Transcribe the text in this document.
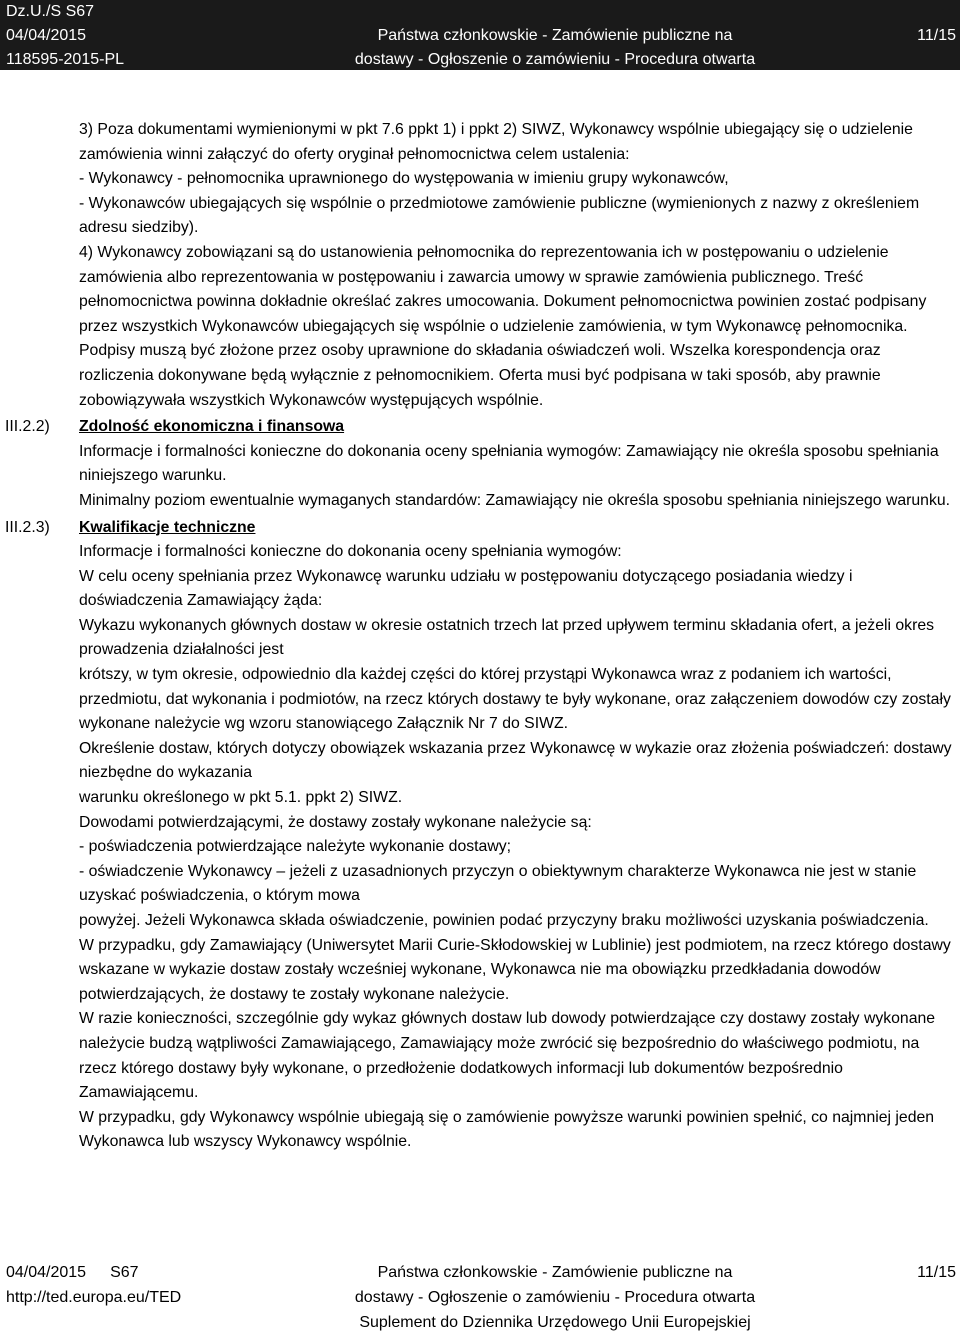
Dz.U./S S67
04/04/2015
118595-2015-PL
Państwa członkowskie - Zamówienie publiczne na
dostawy - Ogłoszenie o zamówieniu - Procedura otwarta
11/15

3) Poza dokumentami wymienionymi w pkt 7.6 ppkt 1) i ppkt 2) SIWZ, Wykonawcy wspólnie ubiegający się o udzielenie zamówienia winni załączyć do oferty oryginał pełnomocnictwa celem ustalenia:

- Wykonawcy - pełnomocnika uprawnionego do występowania w imieniu grupy wykonawców,

- Wykonawców ubiegających się wspólnie o przedmiotowe zamówienie publiczne (wymienionych z nazwy z określeniem adresu siedziby).

4) Wykonawcy zobowiązani są do ustanowienia pełnomocnika do reprezentowania ich w postępowaniu o udzielenie zamówienia albo reprezentowania w postępowaniu i zawarcia umowy w sprawie zamówienia publicznego. Treść pełnomocnictwa powinna dokładnie określać zakres umocowania. Dokument pełnomocnictwa powinien zostać podpisany przez wszystkich Wykonawców ubiegających się wspólnie o udzielenie zamówienia, w tym Wykonawcę pełnomocnika. Podpisy muszą być złożone przez osoby uprawnione do składania oświadczeń woli. Wszelka korespondencja oraz rozliczenia dokonywane będą wyłącznie z pełnomocnikiem. Oferta musi być podpisana w taki sposób, aby prawnie zobowiązywała wszystkich Wykonawców występujących wspólnie.

III.2.2) Zdolność ekonomiczna i finansowa

Informacje i formalności konieczne do dokonania oceny spełniania wymogów: Zamawiający nie określa sposobu spełniania niniejszego warunku.

Minimalny poziom ewentualnie wymaganych standardów: Zamawiający nie określa sposobu spełniania niniejszego warunku.

III.2.3) Kwalifikacje techniczne

Informacje i formalności konieczne do dokonania oceny spełniania wymogów:

W celu oceny spełniania przez Wykonawcę warunku udziału w postępowaniu dotyczącego posiadania wiedzy i doświadczenia Zamawiający żąda:

Wykazu wykonanych głównych dostaw w okresie ostatnich trzech lat przed upływem terminu składania ofert, a jeżeli okres prowadzenia działalności jest

krótszy, w tym okresie, odpowiednio dla każdej części do której przystąpi Wykonawca wraz z podaniem ich wartości, przedmiotu, dat wykonania i podmiotów, na rzecz których dostawy te były wykonane, oraz załączeniem dowodów czy zostały wykonane należycie wg wzoru stanowiącego Załącznik Nr 7 do SIWZ.

Określenie dostaw, których dotyczy obowiązek wskazania przez Wykonawcę w wykazie oraz złożenia poświadczeń: dostawy niezbędne do wykazania

warunku określonego w pkt 5.1. ppkt 2) SIWZ.

Dowodami potwierdzającymi, że dostawy zostały wykonane należycie są:

- poświadczenia potwierdzające należyte wykonanie dostawy;

- oświadczenie Wykonawcy – jeżeli z uzasadnionych przyczyn o obiektywnym charakterze Wykonawca nie jest w stanie uzyskać poświadczenia, o którym mowa

powyżej. Jeżeli Wykonawca składa oświadczenie, powinien podać przyczyny braku możliwości uzyskania poświadczenia.

W przypadku, gdy Zamawiający (Uniwersytet Marii Curie-Skłodowskiej w Lublinie) jest podmiotem, na rzecz którego dostawy wskazane w wykazie dostaw zostały wcześniej wykonane, Wykonawca nie ma obowiązku przedkładania dowodów potwierdzających, że dostawy te zostały wykonane należycie.

W razie konieczności, szczególnie gdy wykaz głównych dostaw lub dowody potwierdzające czy dostawy zostały wykonane należycie budzą wątpliwości Zamawiającego, Zamawiający może zwrócić się bezpośrednio do właściwego podmiotu, na rzecz którego dostawy były wykonane, o przedłożenie dodatkowych informacji lub dokumentów bezpośrednio Zamawiającemu.

W przypadku, gdy Wykonawcy wspólnie ubiegają się o zamówienie powyższe warunki powinien spełnić, co najmniej jeden Wykonawca lub wszyscy Wykonawcy wspólnie.

04/04/2015 S67
http://ted.europa.eu/TED
Państwa członkowskie - Zamówienie publiczne na
dostawy - Ogłoszenie o zamówieniu - Procedura otwarta
Suplement do Dziennika Urzędowego Unii Europejskiej
11/15
